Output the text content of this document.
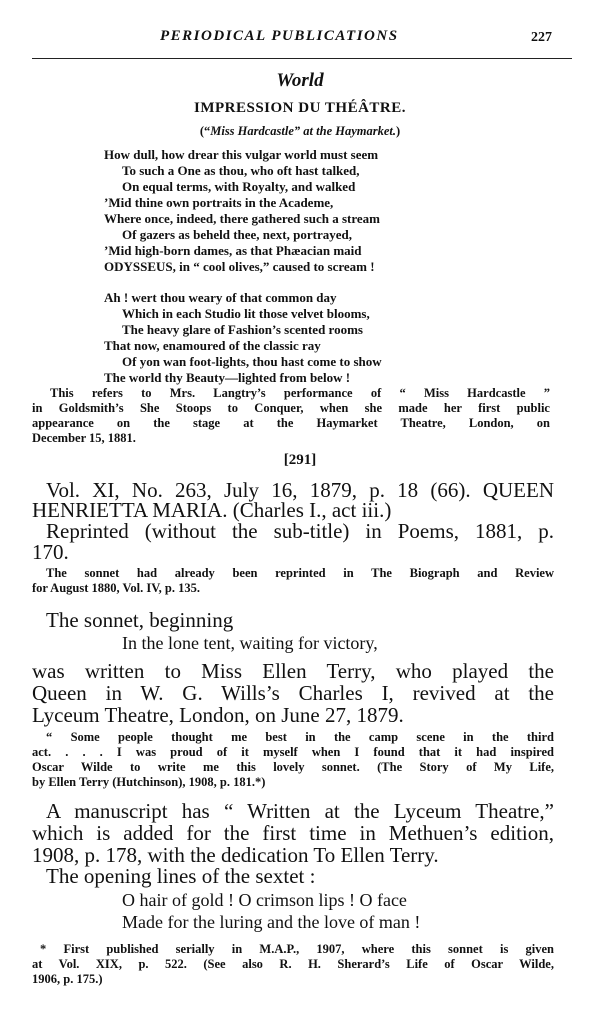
PERIODICAL PUBLICATIONS	227

World

IMPRESSION DU THÉÂTRE.

(“Miss Hardcastle” at the Haymarket.)

How dull, how drear this vulgar world must seem
To such a One as thou, who oft hast talked,
On equal terms, with Royalty, and walked
’Mid thine own portraits in the Academe,
Where once, indeed, there gathered such a stream
Of gazers as beheld thee, next, portrayed,
’Mid high-born dames, as that Phæacian maid
ODYSSEUS, in “ cool olives,” caused to scream !
Ah ! wert thou weary of that common day
Which in each Studio lit those velvet blooms,
The heavy glare of Fashion’s scented rooms
That now, enamoured of the classic ray
Of yon wan foot-lights, thou hast come to show
The world thy Beauty—lighted from below !

This refers to Mrs. Langtry’s performance of “ Miss Hardcastle ”

in Goldsmith’s She Stoops to Conquer, when she made her first public

appearance on the stage at the Haymarket Theatre, London, on

December 15, 1881.

[291]

Vol. XI, No. 263, July 16, 1879, p. 18 (66). QUEEN

HENRIETTA MARIA. (Charles I., act iii.)

Reprinted (without the sub-title) in Poems, 1881, p.

170.

The sonnet had already been reprinted in The Biograph and Review

for August 1880, Vol. IV, p. 135.

The sonnet, beginning

In the lone tent, waiting for victory,

was written to Miss Ellen Terry, who played the

Queen in W. G. Wills’s Charles I, revived at the

Lyceum Theatre, London, on June 27, 1879.

“ Some people thought me best in the camp scene in the third

act. . . . I was proud of it myself when I found that it had inspired

Oscar Wilde to write me this lovely sonnet. (The Story of My Life,

by Ellen Terry (Hutchinson), 1908, p. 181.*)

A manuscript has “ Written at the Lyceum Theatre,”

which is added for the first time in Methuen’s edition,

1908, p. 178, with the dedication To Ellen Terry.

The opening lines of the sextet :

O hair of gold ! O crimson lips ! O face

Made for the luring and the love of man !

* First published serially in M.A.P., 1907, where this sonnet is given

at Vol. XIX, p. 522. (See also R. H. Sherard’s Life of Oscar Wilde,

1906, p. 175.)
